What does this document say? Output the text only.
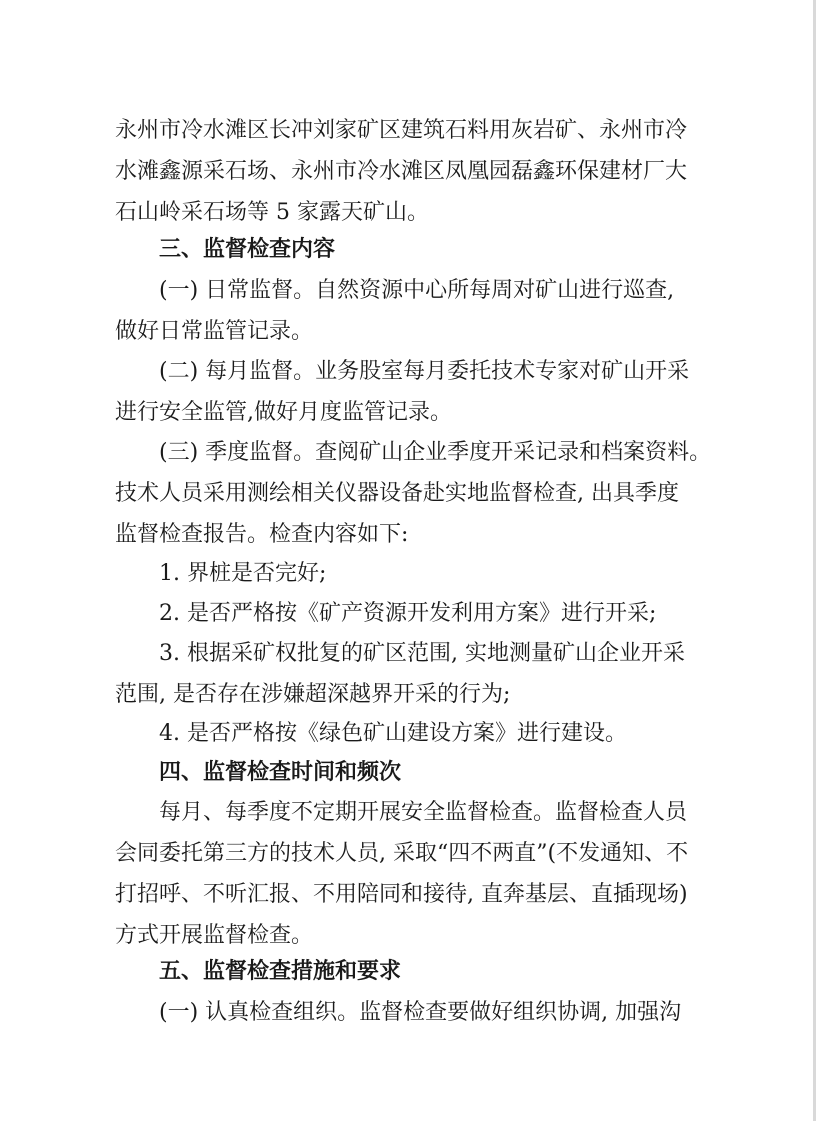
永州市冷水滩区长冲刘家矿区建筑石料用灰岩矿、永州市冷
水滩鑫源采石场、永州市冷水滩区凤凰园磊鑫环保建材厂大
石山岭采石场等 5 家露天矿山。
三、监督检查内容
(一) 日常监督。自然资源中心所每周对矿山进行巡查,
做好日常监管记录。
(二) 每月监督。业务股室每月委托技术专家对矿山开采
进行安全监管,做好月度监管记录。
(三) 季度监督。查阅矿山企业季度开采记录和档案资料。
技术人员采用测绘相关仪器设备赴实地监督检查, 出具季度
监督检查报告。检查内容如下:
1. 界桩是否完好;
2. 是否严格按《矿产资源开发利用方案》进行开采;
3. 根据采矿权批复的矿区范围, 实地测量矿山企业开采
范围, 是否存在涉嫌超深越界开采的行为;
4. 是否严格按《绿色矿山建设方案》进行建设。
四、监督检查时间和频次
每月、每季度不定期开展安全监督检查。监督检查人员
会同委托第三方的技术人员, 采取“四不两直”(不发通知、不
打招呼、不听汇报、不用陪同和接待, 直奔基层、直插现场)
方式开展监督检查。
五、监督检查措施和要求
(一) 认真检查组织。监督检查要做好组织协调, 加强沟
